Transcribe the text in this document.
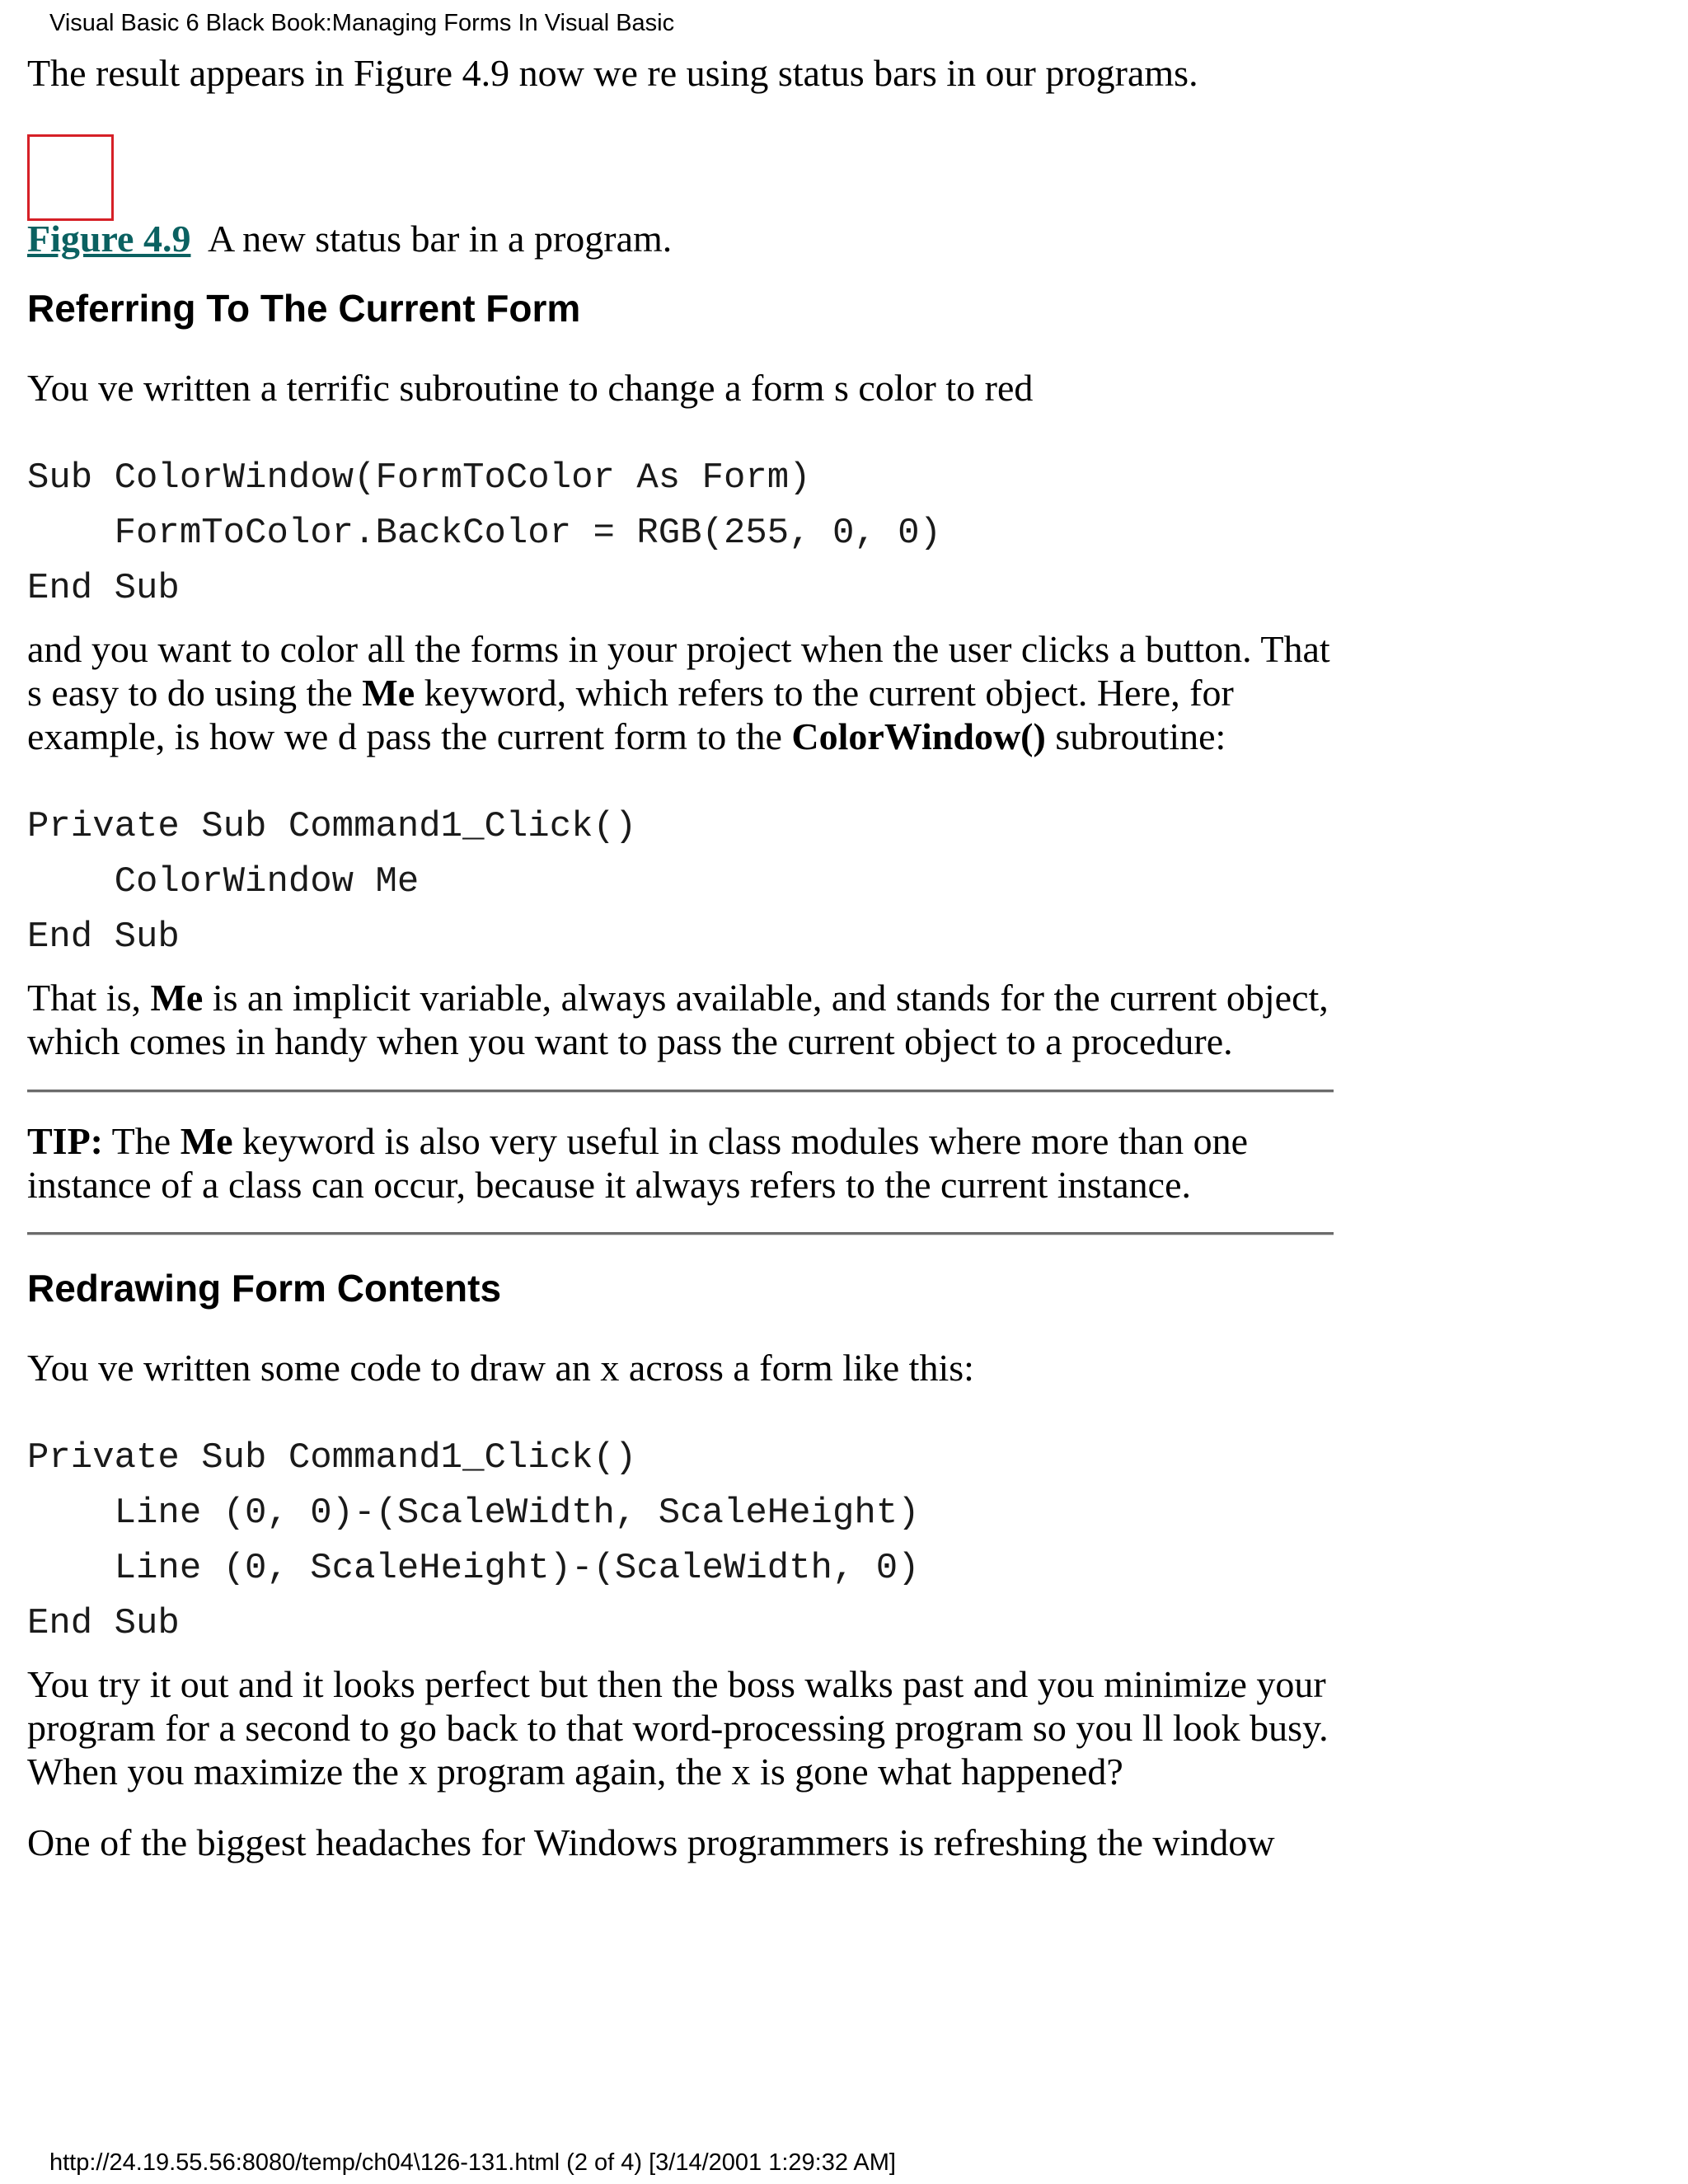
Visual Basic 6 Black Book:Managing Forms In Visual Basic

The result appears in Figure 4.9 now we re using status bars in our programs.

Figure 4.9 A new status bar in a program.

Referring To The Current Form

You ve written a terrific subroutine to change a form s color to red

Sub ColorWindow(FormToColor As Form)
FormToColor.BackColor = RGB(255, 0, 0)
End Sub

and you want to color all the forms in your project when the user clicks a button. That s easy to do using the Me keyword, which refers to the current object. Here, for example, is how we d pass the current form to the ColorWindow() subroutine:

Private Sub Command1_Click()
ColorWindow Me
End Sub

That is, Me is an implicit variable, always available, and stands for the current object, which comes in handy when you want to pass the current object to a procedure.

TIP: The Me keyword is also very useful in class modules where more than one instance of a class can occur, because it always refers to the current instance.

Redrawing Form Contents

You ve written some code to draw an x across a form like this:

Private Sub Command1_Click()
Line (0, 0)-(ScaleWidth, ScaleHeight)
Line (0, ScaleHeight)-(ScaleWidth, 0)
End Sub

You try it out and it looks perfect but then the boss walks past and you minimize your program for a second to go back to that word-processing program so you ll look busy. When you maximize the x program again, the x is gone what happened?

One of the biggest headaches for Windows programmers is refreshing the window

http://24.19.55.56:8080/temp/ch04\126-131.html (2 of 4) [3/14/2001 1:29:32 AM]
